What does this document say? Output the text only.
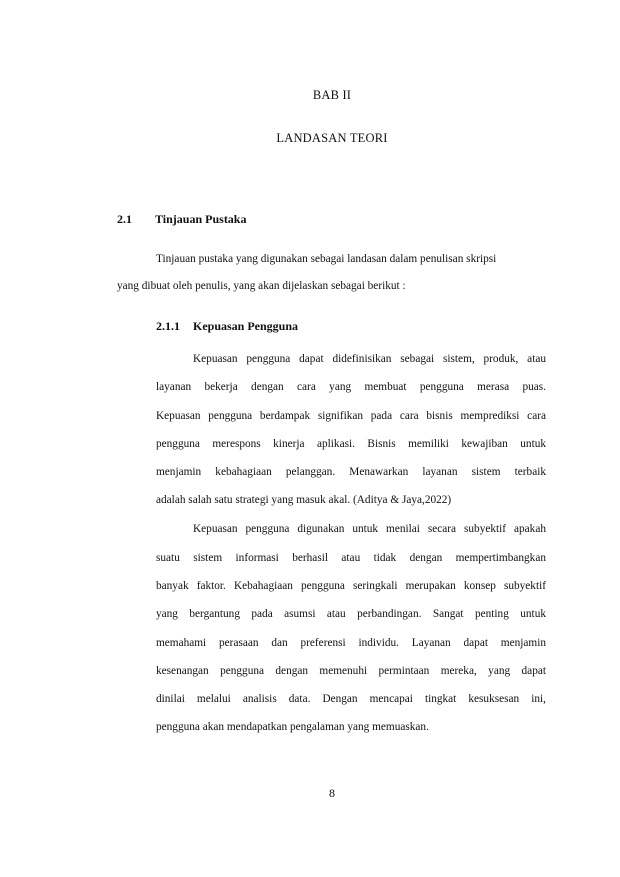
BAB II
LANDASAN TEORI
2.1 Tinjauan Pustaka
Tinjauan pustaka yang digunakan sebagai landasan dalam penulisan skripsi
yang dibuat oleh penulis, yang akan dijelaskan sebagai berikut :
2.1.1 Kepuasan Pengguna
Kepuasan pengguna dapat didefinisikan sebagai sistem, produk, atau
layanan bekerja dengan cara yang membuat pengguna merasa puas.
Kepuasan pengguna berdampak signifikan pada cara bisnis memprediksi cara
pengguna merespons kinerja aplikasi. Bisnis memiliki kewajiban untuk
menjamin kebahagiaan pelanggan. Menawarkan layanan sistem terbaik
adalah salah satu strategi yang masuk akal. (Aditya & Jaya,2022)
Kepuasan pengguna digunakan untuk menilai secara subyektif apakah
suatu sistem informasi berhasil atau tidak dengan mempertimbangkan
banyak faktor. Kebahagiaan pengguna seringkali merupakan konsep subyektif
yang bergantung pada asumsi atau perbandingan. Sangat penting untuk
memahami perasaan dan preferensi individu. Layanan dapat menjamin
kesenangan pengguna dengan memenuhi permintaan mereka, yang dapat
dinilai melalui analisis data. Dengan mencapai tingkat kesuksesan ini,
pengguna akan mendapatkan pengalaman yang memuaskan.
8
